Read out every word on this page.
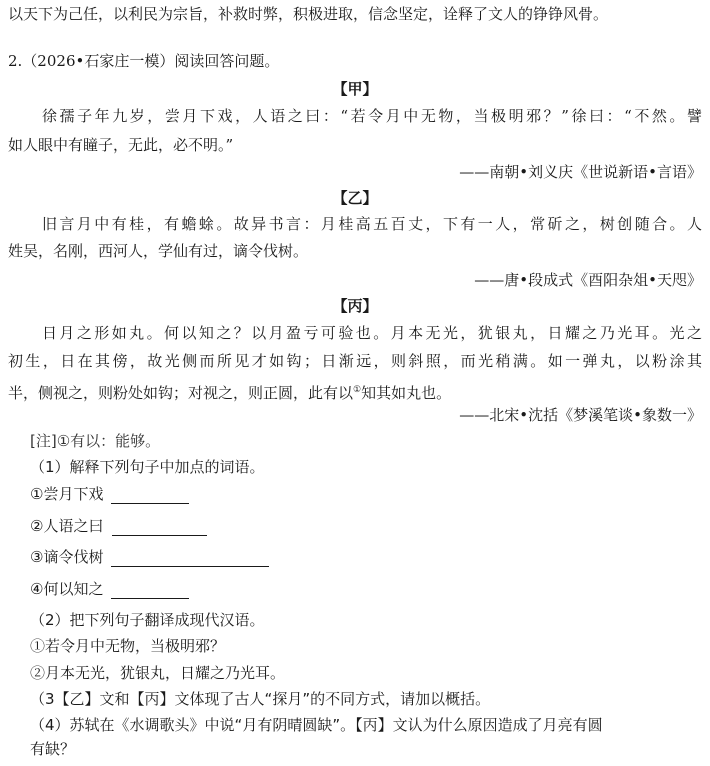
以天下为己任，以利民为宗旨，补救时弊，积极进取，信念坚定，诠释了文人的铮铮风骨。
2.（2026•石家庄一模）阅读回答问题。
【甲】
徐孺子年九岁，尝月下戏，人语之曰：“若令月中无物，当极明邪？”徐曰：“不然。譬
如人眼中有瞳子，无此，必不明。”
——南朝•刘义庆《世说新语•言语》
【乙】
旧言月中有桂，有蟾蜍。故异书言：月桂高五百丈，下有一人，常斫之，树创随合。人
姓吴，名刚，西河人，学仙有过，谪令伐树。
——唐•段成式《酉阳杂俎•天咫》
【丙】
日月之形如丸。何以知之？以月盈亏可验也。月本无光，犹银丸，日耀之乃光耳。光之
初生，日在其傍，故光侧而所见才如钩；日渐远，则斜照，而光稍满。如一弹丸，以粉涂其
半，侧视之，则粉处如钩；对视之，则正圆，此有以①知其如丸也。
——北宋•沈括《梦溪笔谈•象数一》
[注]①有以：能够。
（1）解释下列句子中加点的词语。
①尝月下戏
②人语之曰
③谪令伐树
④何以知之
（2）把下列句子翻译成现代汉语。
①若令月中无物，当极明邪？
②月本无光，犹银丸，日耀之乃光耳。
（3【乙】文和【丙】文体现了古人“探月”的不同方式，请加以概括。
（4）苏轼在《水调歌头》中说“月有阴晴圆缺”。【丙】文认为什么原因造成了月亮有圆
有缺？
